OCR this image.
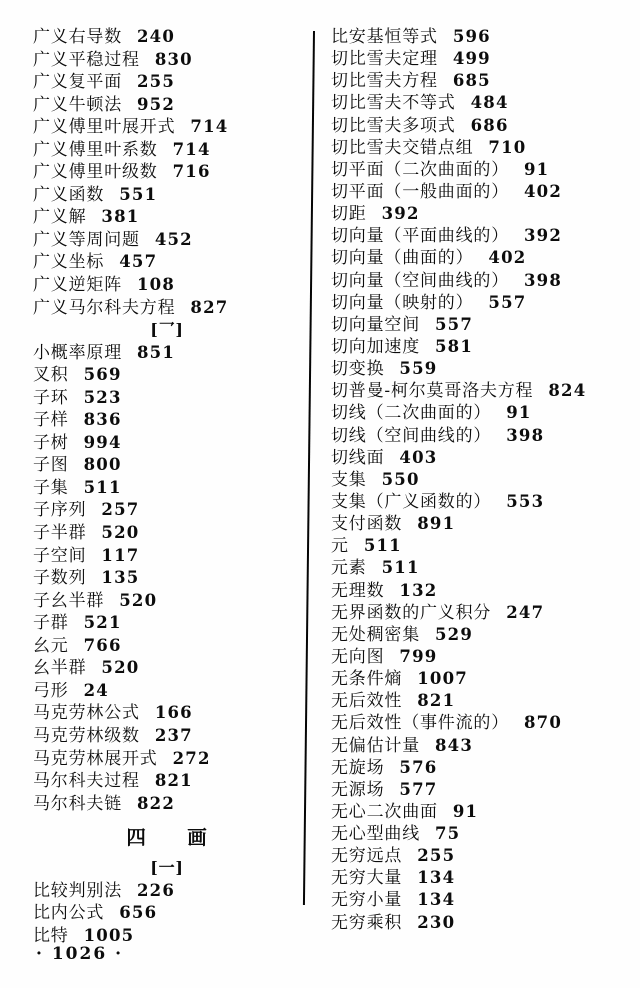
广义右导数 240
广义平稳过程 830
广义复平面 255
广义牛顿法 952
广义傅里叶展开式 714
广义傅里叶系数 714
广义傅里叶级数 716
广义函数 551
广义解 381
广义等周问题 452
广义坐标 457
广义逆矩阵 108
广义马尔科夫方程 827
[乛]
小概率原理 851
叉积 569
子环 523
子样 836
子树 994
子图 800
子集 511
子序列 257
子半群 520
子空间 117
子数列 135
子幺半群 520
子群 521
幺元 766
幺半群 520
弓形 24
马克劳林公式 166
马克劳林级数 237
马克劳林展开式 272
马尔科夫过程 821
马尔科夫链 822
四　　画
[一]
比较判别法 226
比内公式 656
比特 1005
比安基恒等式 596
切比雪夫定理 499
切比雪夫方程 685
切比雪夫不等式 484
切比雪夫多项式 686
切比雪夫交错点组 710
切平面（二次曲面的） 91
切平面（一般曲面的） 402
切距 392
切向量（平面曲线的） 392
切向量（曲面的） 402
切向量（空间曲线的） 398
切向量（映射的） 557
切向量空间 557
切向加速度 581
切变换 559
切普曼-柯尔莫哥洛夫方程 824
切线（二次曲面的） 91
切线（空间曲线的） 398
切线面 403
支集 550
支集（广义函数的） 553
支付函数 891
元 511
元素 511
无理数 132
无界函数的广义积分 247
无处稠密集 529
无向图 799
无条件熵 1007
无后效性 821
无后效性（事件流的） 870
无偏估计量 843
无旋场 576
无源场 577
无心二次曲面 91
无心型曲线 75
无穷远点 255
无穷大量 134
无穷小量 134
无穷乘积 230
· 1026 ·
